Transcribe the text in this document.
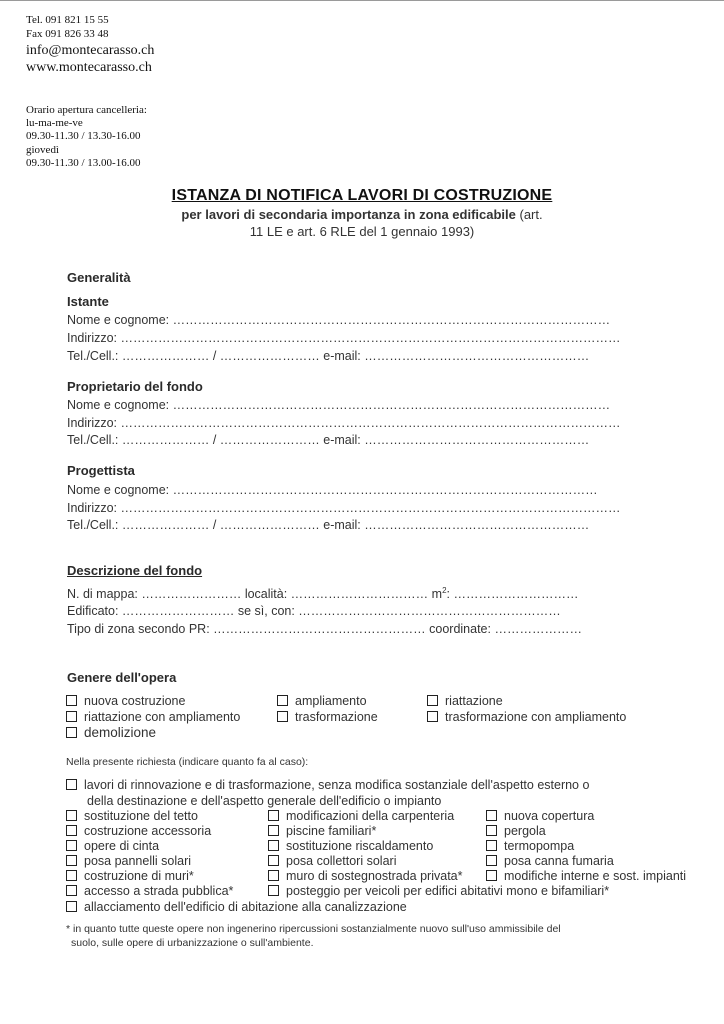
Tel. 091 821 15 55
Fax 091 826 33 48
info@montecarasso.ch
www.montecarasso.ch
Orario apertura cancelleria:
lu-ma-me-ve
09.30-11.30 / 13.30-16.00
giovedì
09.30-11.30 / 13.00-16.00
ISTANZA DI NOTIFICA LAVORI DI COSTRUZIONE
per lavori di secondaria importanza in zona edificabile (art.
11 LE e art. 6 RLE del 1 gennaio 1993)
Generalità
Istante
Nome e cognome: ……………………………………………………………………………………………
Indirizzo: …………………………………………………………………………………………………………
Tel./Cell.: ………………… / …………………… e-mail: ………………………………………………
Proprietario del fondo
Nome e cognome: ……………………………………………………………………………………………
Indirizzo: …………………………………………………………………………………………………………
Tel./Cell.: ………………… / …………………… e-mail: ………………………………………………
Progettista
Nome e cognome: …………………………………………………………………………………………
Indirizzo: …………………………………………………………………………………………………………
Tel./Cell.: ………………… / …………………… e-mail: ………………………………………………
Descrizione del fondo
N. di mappa: …………………… località: …………………………… $m^2$: …………………………
Edificato: ……………………… se sì, con: ………………………………………………………
Tipo di zona secondo PR: …………………………………………… coordinate: …………………
Genere dell'opera
nuova costruzione	ampliamento	riattazione
riattazione con ampliamento	trasformazione	trasformazione con ampliamento
demolizione
Nella presente richiesta (indicare quanto fa al caso):
lavori di rinnovazione e di trasformazione, senza modifica sostanziale dell'aspetto esterno o
della destinazione e dell'aspetto generale dell'edificio o impianto
sostituzione del tetto	modificazioni della carpenteria	nuova copertura
costruzione accessoria	piscine familiari*	pergola
opere di cinta	sostituzione riscaldamento	termopompa
posa pannelli solari	posa collettori solari	posa canna fumaria
costruzione di muri*	muro di sostegnostrada privata*	modifiche interne e sost. impianti
accesso a strada pubblica*	posteggio per veicoli per edifici abitativi mono e bifamiliari*
allacciamento dell'edificio di abitazione alla canalizzazione
* in quanto tutte queste opere non ingenerino ripercussioni sostanzialmente nuovo sull'uso ammissibile del
suolo, sulle opere di urbanizzazione o sull'ambiente.
